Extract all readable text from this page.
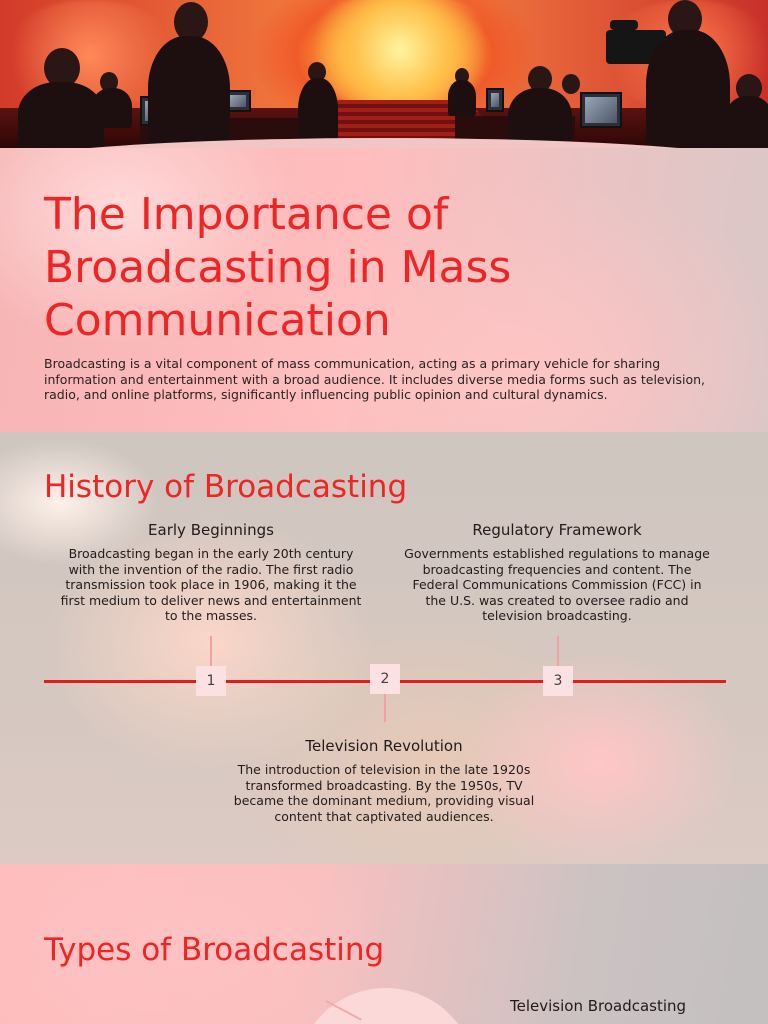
The Importance of Broadcasting in Mass Communication

Broadcasting is a vital component of mass communication, acting as a primary vehicle for sharing information and entertainment with a broad audience. It includes diverse media forms such as television, radio, and online platforms, significantly influencing public opinion and cultural dynamics.

History of Broadcasting
Early Beginnings
Broadcasting began in the early 20th century with the invention of the radio. The first radio transmission took place in 1906, making it the first medium to deliver news and entertainment to the masses.
Regulatory Framework
Governments established regulations to manage broadcasting frequencies and content. The Federal Communications Commission (FCC) in the U.S. was created to oversee radio and television broadcasting.
1	2	3
Television Revolution
The introduction of television in the late 1920s transformed broadcasting. By the 1950s, TV became the dominant medium, providing visual content that captivated audiences.
Types of Broadcasting
Television Broadcasting
